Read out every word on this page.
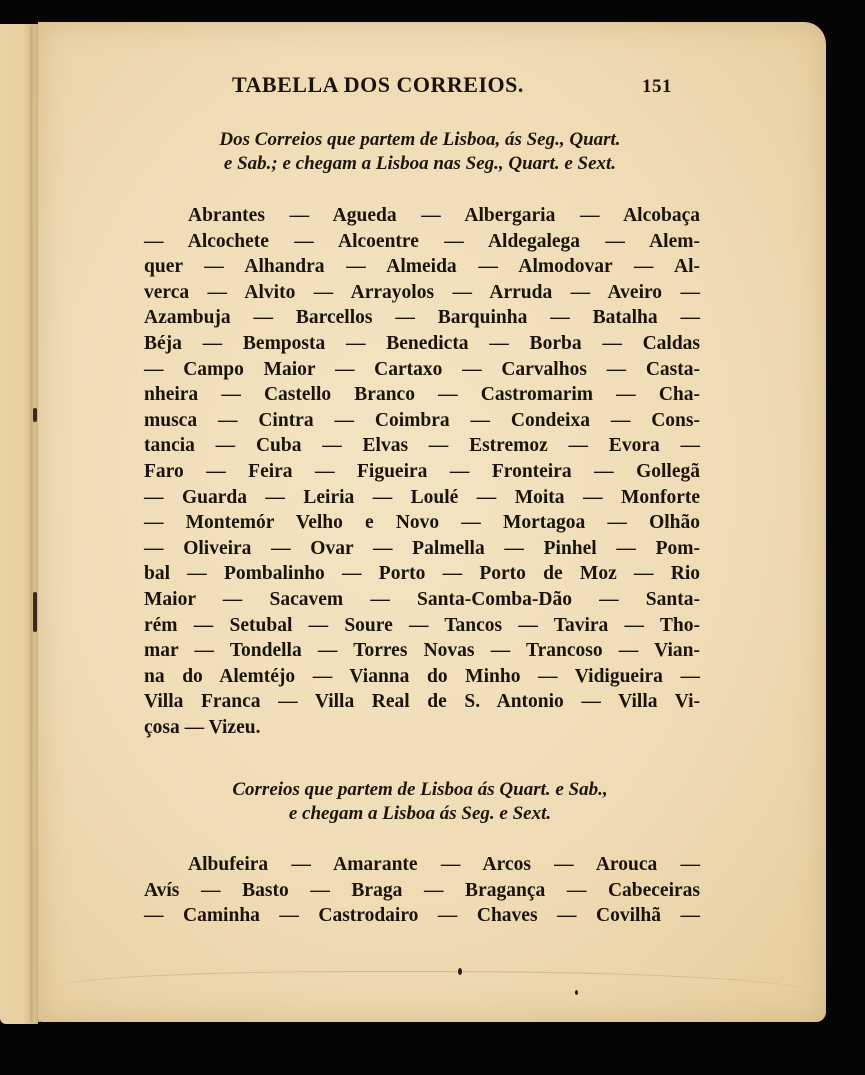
TABELLA DOS CORREIOS.	151
Dos Correios que partem de Lisboa, ás Seg., Quart.
e Sab.; e chegam a Lisboa nas Seg., Quart. e Sext.
Abrantes — Agueda — Albergaria — Alcobaça
— Alcochete — Alcoentre — Aldegalega — Alem-
quer — Alhandra — Almeida — Almodovar — Al-
verca — Alvito — Arrayolos — Arruda — Aveiro —
Azambuja — Barcellos — Barquinha — Batalha —
Béja — Bemposta — Benedicta — Borba — Caldas
— Campo Maior — Cartaxo — Carvalhos — Casta-
nheira — Castello Branco — Castromarim — Cha-
musca — Cintra — Coimbra — Condeixa — Cons-
tancia — Cuba — Elvas — Estremoz — Evora —
Faro — Feira — Figueira — Fronteira — Gollegã
— Guarda — Leiria — Loulé — Moita — Monforte
— Montemór Velho e Novo — Mortagoa — Olhão
— Oliveira — Ovar — Palmella — Pinhel — Pom-
bal — Pombalinho — Porto — Porto de Moz — Rio
Maior — Sacavem — Santa-Comba-Dão — Santa-
rém — Setubal — Soure — Tancos — Tavira — Tho-
mar — Tondella — Torres Novas — Trancoso — Vian-
na do Alemtéjo — Vianna do Minho — Vidigueira —
Villa Franca — Villa Real de S. Antonio — Villa Vi-
çosa — Vizeu.
Correios que partem de Lisboa ás Quart. e Sab.,
e chegam a Lisboa ás Seg. e Sext.
Albufeira — Amarante — Arcos — Arouca —
Avís — Basto — Braga — Bragança — Cabeceiras
— Caminha — Castrodairo — Chaves — Covilhã —
